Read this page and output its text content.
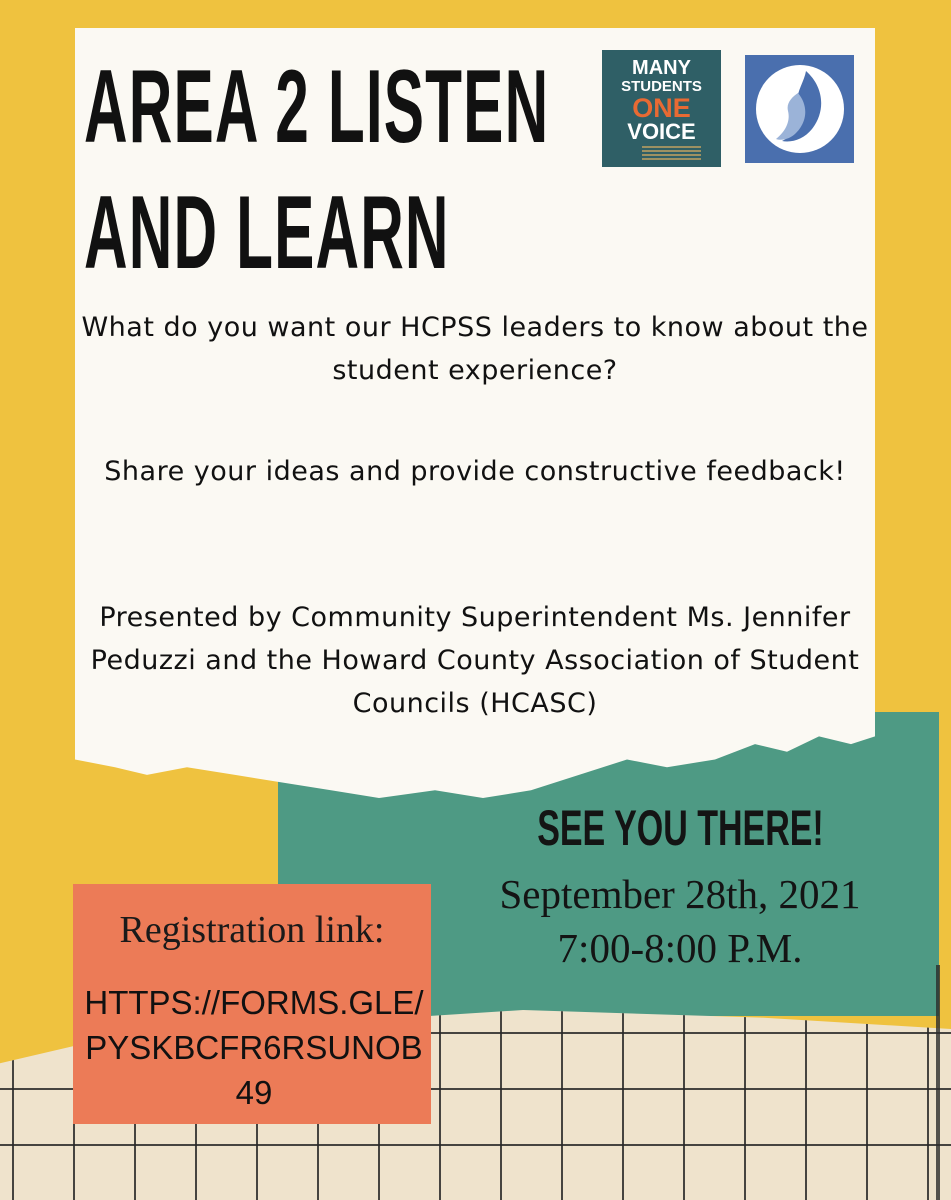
AREA 2 LISTEN
AND LEARN
MANY
STUDENTS
ONE
VOICE

What do you want our HCPSS leaders to know about the student experience?

Share your ideas and provide constructive feedback!

Presented by Community Superintendent Ms. Jennifer Peduzzi and the Howard County Association of Student Councils (HCASC)

SEE YOU THERE!
September 28th, 2021
7:00-8:00 P.M.
Registration link:
HTTPS://FORMS.GLE/PYSKBCFR6RSUNOB49
